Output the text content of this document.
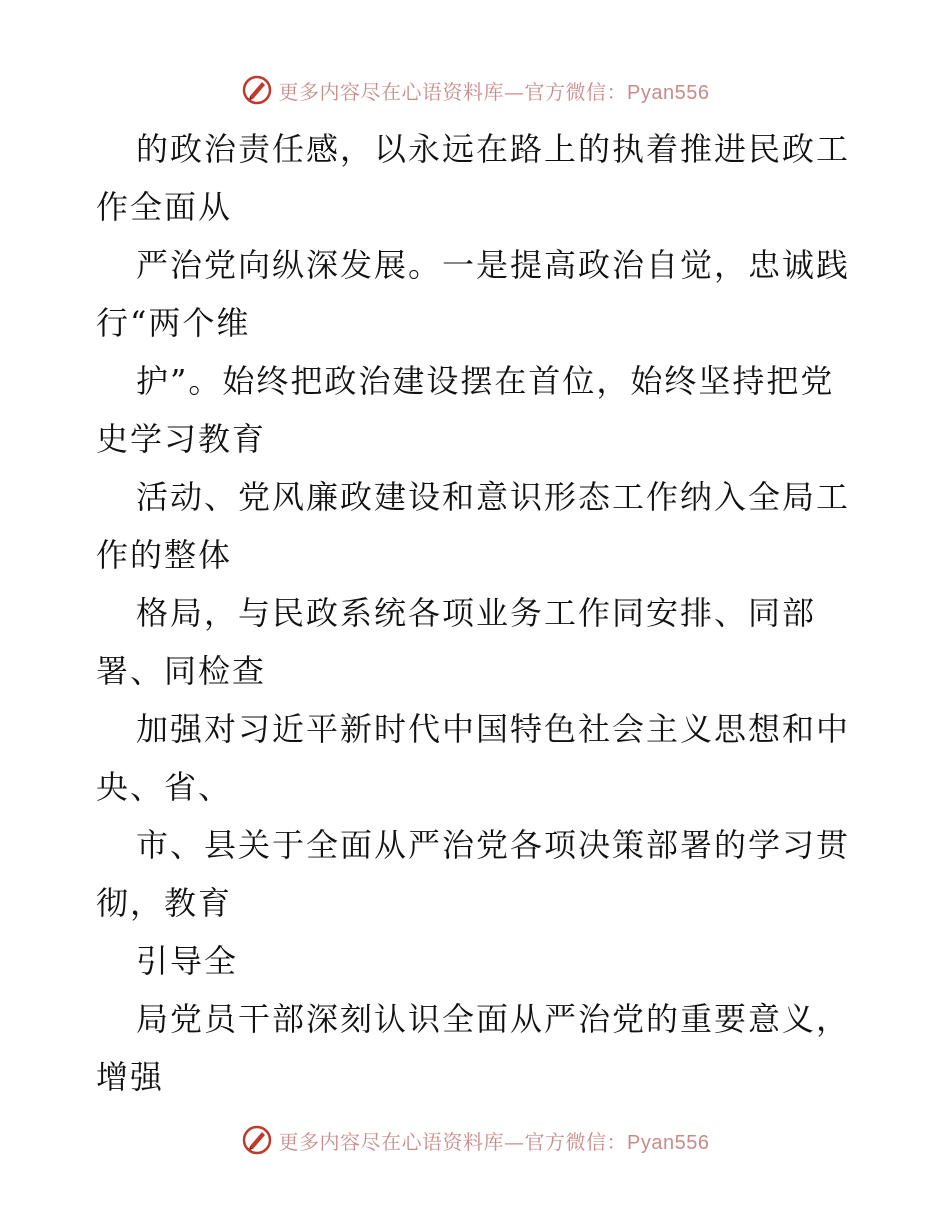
更多内容尽在心语资料库—官方微信：Pyan556

的政治责任感，以永远在路上的执着推进民政工
作全面从

严治党向纵深发展。一是提高政治自觉，忠诚践
行“两个维

护”。始终把政治建设摆在首位，始终坚持把党
史学习教育

活动、党风廉政建设和意识形态工作纳入全局工
作的整体

格局，与民政系统各项业务工作同安排、同部
署、同检查

加强对习近平新时代中国特色社会主义思想和中
央、省、

市、县关于全面从严治党各项决策部署的学习贯
彻，教育

引导全

局党员干部深刻认识全面从严治党的重要意义，
增强

更多内容尽在心语资料库—官方微信：Pyan556
